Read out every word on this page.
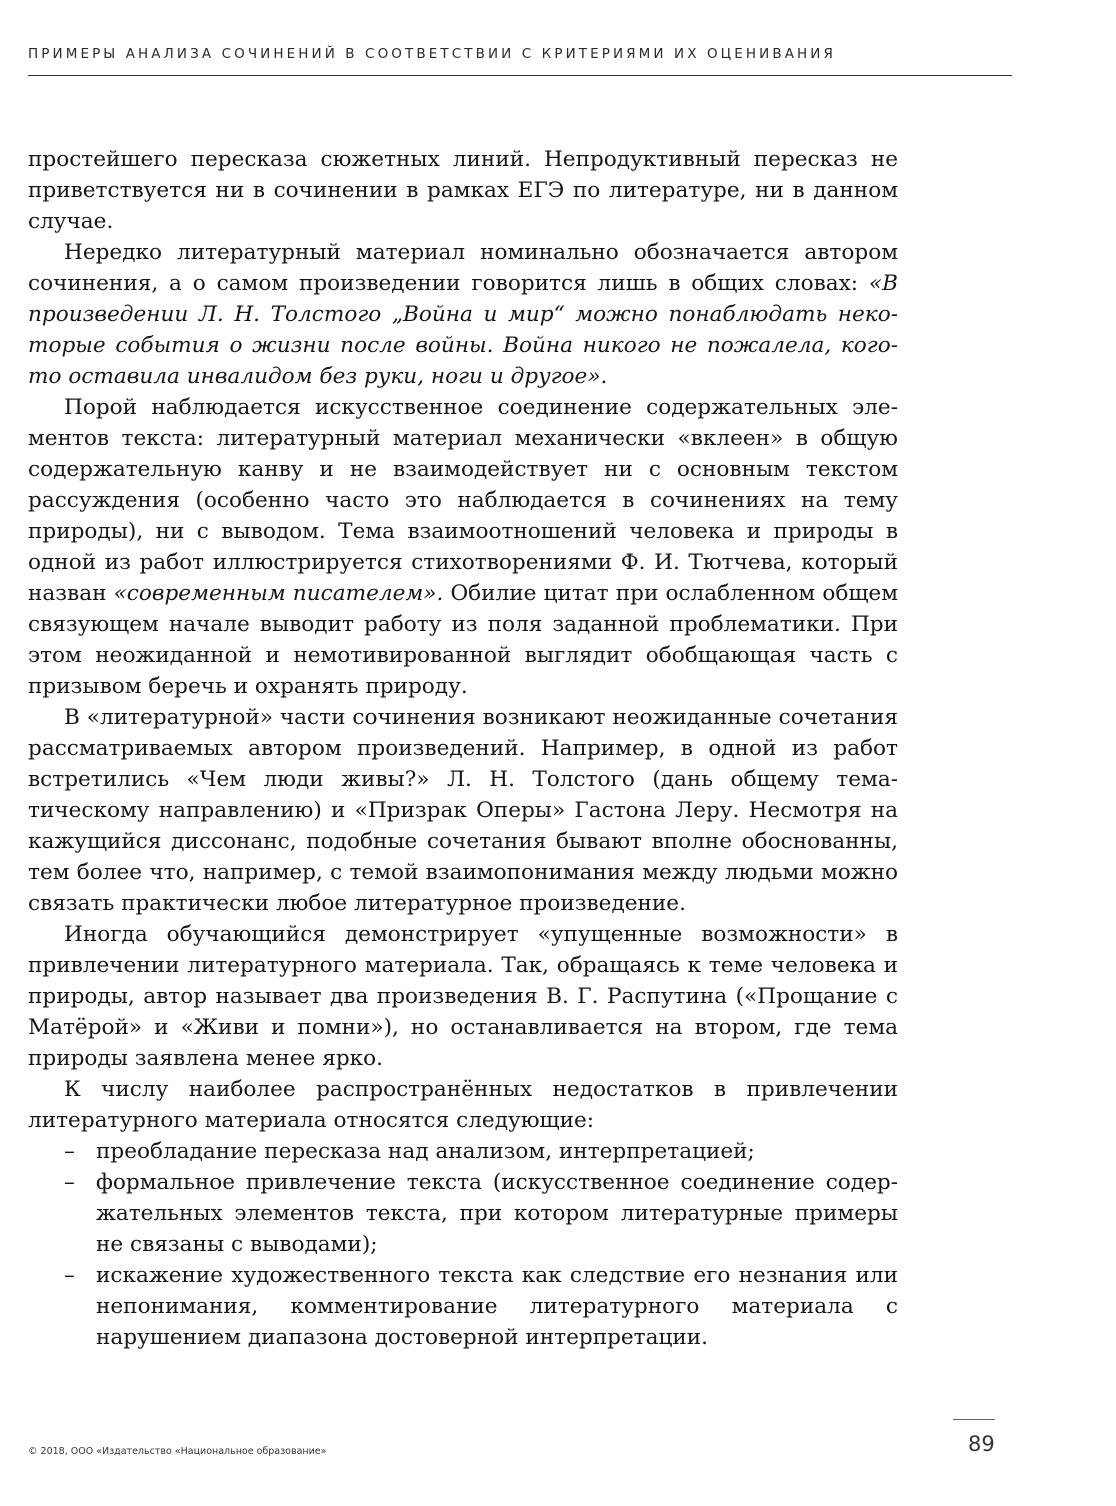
ПРИМЕРЫ АНАЛИЗА СОЧИНЕНИЙ В СООТВЕТСТВИИ С КРИТЕРИЯМИ ИХ ОЦЕНИВАНИЯ

простейшего пересказа сюжетных линий. Непродуктивный пересказ не приветствуется ни в сочинении в рамках ЕГЭ по литературе, ни в данном случае.

Нередко литературный материал номинально обозначается автором сочинения, а о самом произведении говорится лишь в общих словах: «В произведении Л. Н. Толстого „Война и мир“ можно понаблюдать некоторые события о жизни после войны. Война никого не пожалела, кого-то оставила инвалидом без руки, ноги и другое».

Порой наблюдается искусственное соединение содержательных элементов текста: литературный материал механически «вклеен» в общую содержательную канву и не взаимодействует ни с основным текстом рассуждения (особенно часто это наблюдается в сочинениях на тему природы), ни с выводом. Тема взаимоотношений человека и природы в одной из работ иллюстрируется стихотворениями Ф. И. Тютчева, который назван «современным писателем». Обилие цитат при ослабленном общем связующем начале выводит работу из поля заданной проблематики. При этом неожиданной и немотивированной выглядит обобщающая часть с призывом беречь и охранять природу.

В «литературной» части сочинения возникают неожиданные сочетания рассматриваемых автором произведений. Например, в одной из работ встретились «Чем люди живы?» Л. Н. Толстого (дань общему тематическому направлению) и «Призрак Оперы» Гастона Леру. Несмотря на кажущийся диссонанс, подобные сочетания бывают вполне обоснованны, тем более что, например, с темой взаимопонимания между людьми можно связать практически любое литературное произведение.

Иногда обучающийся демонстрирует «упущенные возможности» в привлечении литературного материала. Так, обращаясь к теме человека и природы, автор называет два произведения В. Г. Распутина («Прощание с Матёрой» и «Живи и помни»), но останавливается на втором, где тема природы заявлена менее ярко.

К числу наиболее распространённых недостатков в привлечении литературного материала относятся следующие:

– преобладание пересказа над анализом, интерпретацией;
– формальное привлечение текста (искусственное соединение содержательных элементов текста, при котором литературные примеры не связаны с выводами);
– искажение художественного текста как следствие его незнания или непонимания, комментирование литературного материала с нарушением диапазона достоверной интерпретации.
© 2018, ООО «Издательство «Национальное образование»	89
